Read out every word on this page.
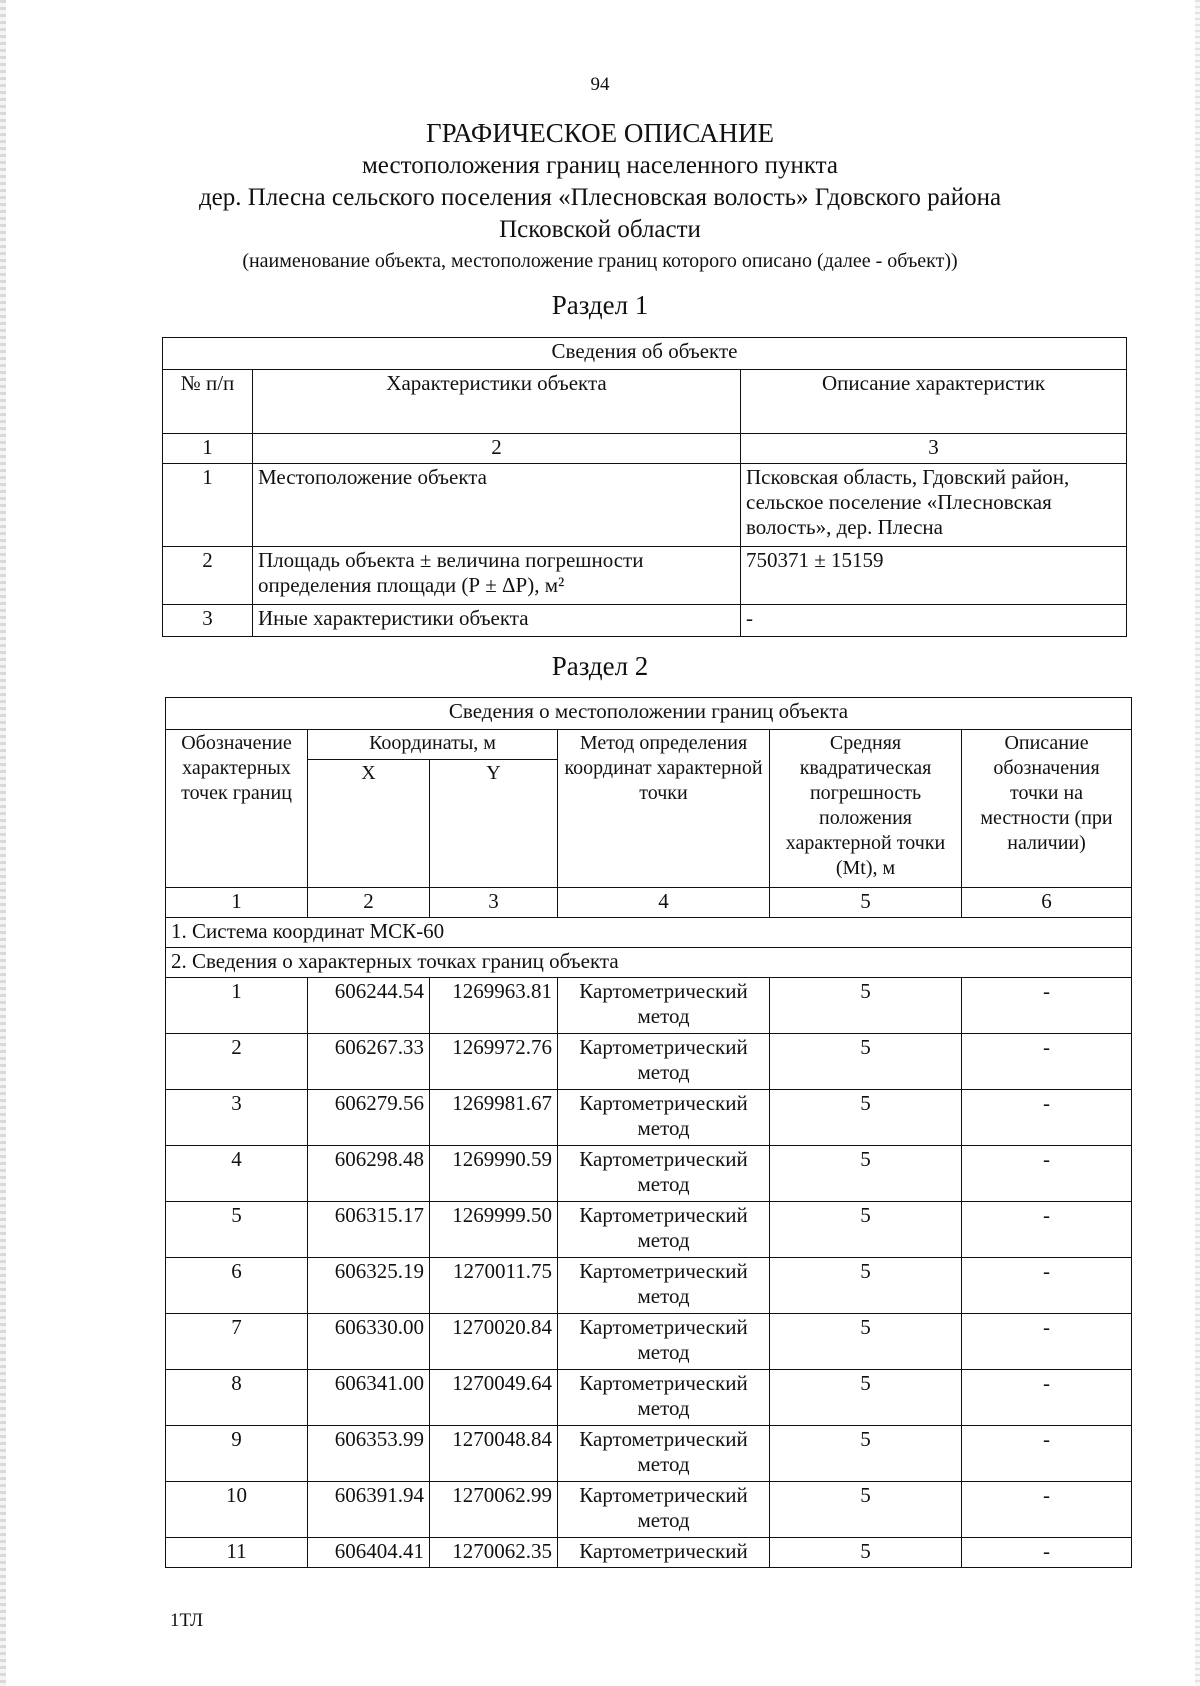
94
ГРАФИЧЕСКОЕ ОПИСАНИЕ
местоположения границ населенного пункта
дер. Плесна сельского поселения «Плесновская волость» Гдовского района
Псковской области
(наименование объекта, местоположение границ которого описано (далее - объект))
Раздел 1
Сведения об объекте		
№ п/п	Характеристики объекта	Описание характеристик
1	2	3
1	Местоположение объекта	Псковская область, Гдовский район, сельское поселение «Плесновская волость», дер. Плесна
2	Площадь объекта ± величина погрешности определения площади (Р ± ΔР), м²	750371 ± 15159
3	Иные характеристики объекта	-
Раздел 2
Сведения о местоположении границ объекта					
Обозначение характерных точек границ	Координаты, м		Метод определения координат характерной точки	Средняя квадратическая погрешность положения характерной точки (Mt), м	Описание обозначения точки на местности (при наличии)
	X	Y			
1	2	3	4	5	6
1. Система координат МСК-60					
2. Сведения о характерных точках границ объекта					
1	606244.54	1269963.81	Картометрический метод	5	-
2	606267.33	1269972.76	Картометрический метод	5	-
3	606279.56	1269981.67	Картометрический метод	5	-
4	606298.48	1269990.59	Картометрический метод	5	-
5	606315.17	1269999.50	Картометрический метод	5	-
6	606325.19	1270011.75	Картометрический метод	5	-
7	606330.00	1270020.84	Картометрический метод	5	-
8	606341.00	1270049.64	Картометрический метод	5	-
9	606353.99	1270048.84	Картометрический метод	5	-
10	606391.94	1270062.99	Картометрический метод	5	-
11	606404.41	1270062.35	Картометрический	5	-
1ТЛ
